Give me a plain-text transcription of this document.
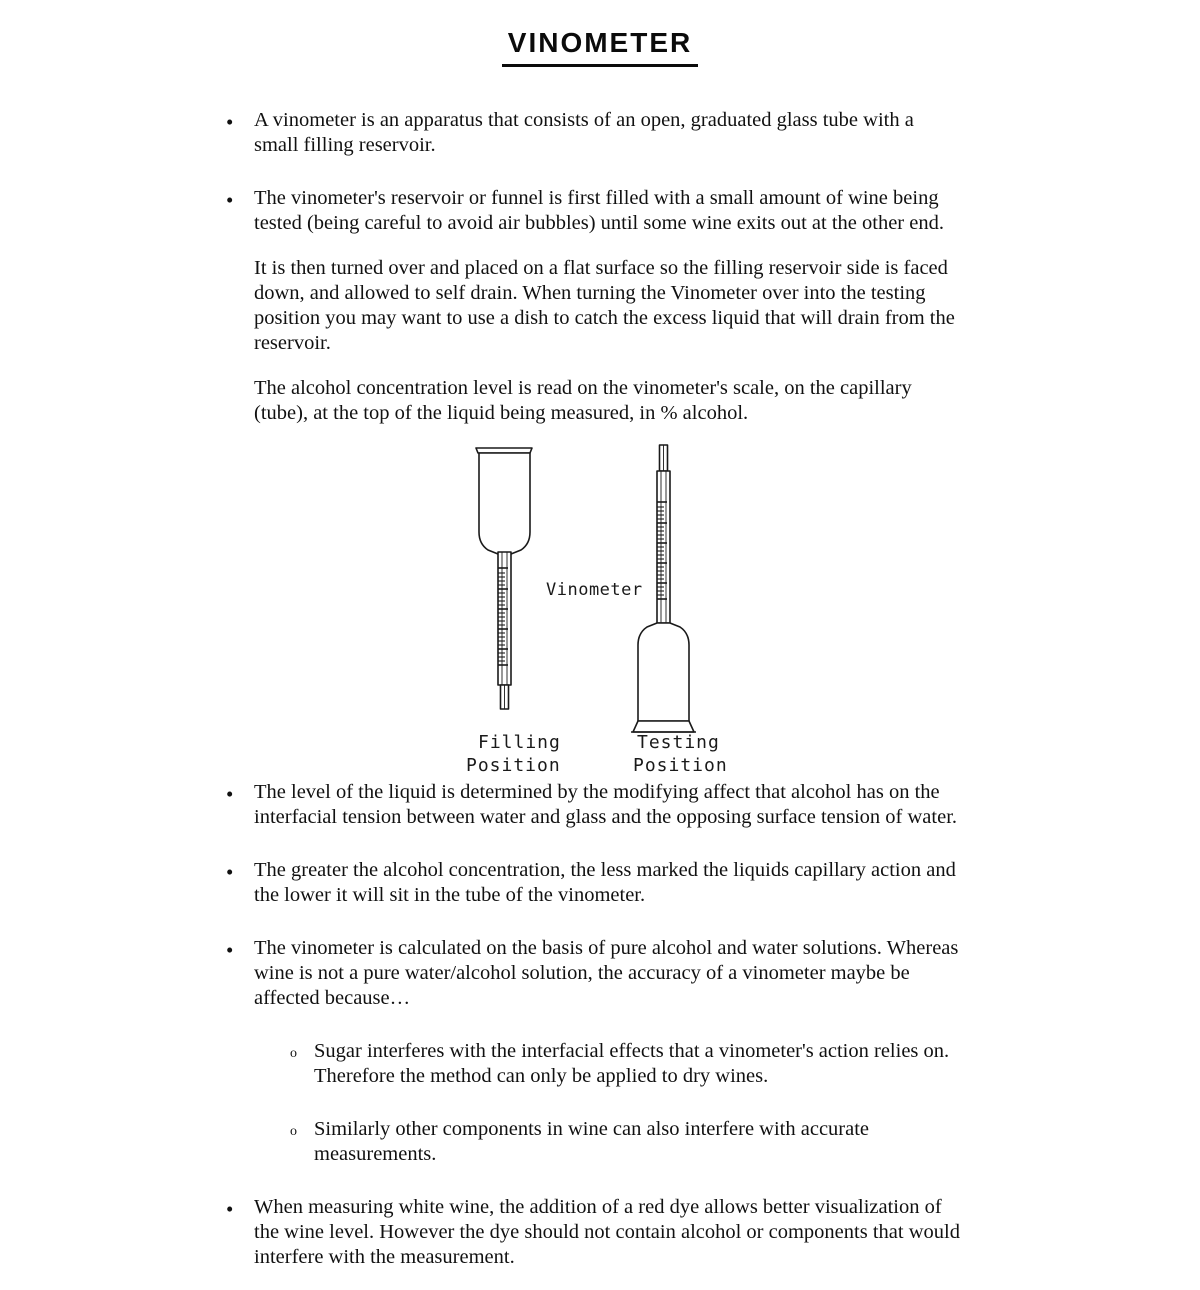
vinometer
•	A vinometer is an apparatus that consists of an open, graduated glass tube with a small filling reservoir.
•	The vinometer's reservoir or funnel is first filled with a small amount of wine being tested (being careful to avoid air bubbles) until some wine exits out at the other end.
It is then turned over and placed on a flat surface so the filling reservoir side is faced down, and allowed to self drain. When turning the Vinometer over into the testing position you may want to use a dish to catch the excess liquid that will drain from the reservoir.
The alcohol concentration level is read on the vinometer's scale, on the capillary (tube), at the top of the liquid being measured, in % alcohol.
Vinometer
Filling
Position
Testing
Position
•	The level of the liquid is determined by the modifying affect that alcohol has on the interfacial tension between water and glass and the opposing surface tension of water.
•	The greater the alcohol concentration, the less marked the liquids capillary action and the lower it will sit in the tube of the vinometer.
•	The vinometer is calculated on the basis of pure alcohol and water solutions. Whereas wine is not a pure water/alcohol solution, the accuracy of a vinometer maybe be affected because…
o Sugar interferes with the interfacial effects that a vinometer's action relies on. Therefore the method can only be applied to dry wines.
o Similarly other components in wine can also interfere with accurate measurements.
•	When measuring white wine, the addition of a red dye allows better visualization of the wine level. However the dye should not contain alcohol or components that would interfere with the measurement.
